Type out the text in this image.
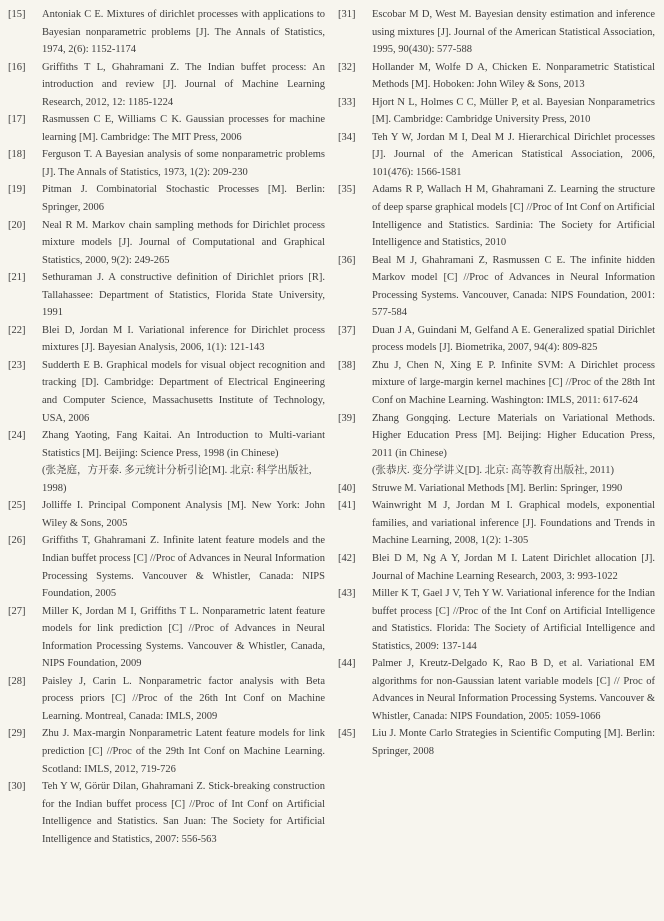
[15]	Antoniak C E. Mixtures of dirichlet processes with applications to Bayesian nonparametric problems [J]. The Annals of Statistics, 1974, 2(6): 1152-1174
[16]	Griffiths T L, Ghahramani Z. The Indian buffet process: An introduction and review [J]. Journal of Machine Learning Research, 2012, 12: 1185-1224
[17]	Rasmussen C E, Williams C K. Gaussian processes for machine learning [M]. Cambridge: The MIT Press, 2006
[18]	Ferguson T. A Bayesian analysis of some nonparametric problems [J]. The Annals of Statistics, 1973, 1(2): 209-230
[19]	Pitman J. Combinatorial Stochastic Processes [M]. Berlin: Springer, 2006
[20]	Neal R M. Markov chain sampling methods for Dirichlet process mixture models [J]. Journal of Computational and Graphical Statistics, 2000, 9(2): 249-265
[21]	Sethuraman J. A constructive definition of Dirichlet priors [R]. Tallahassee: Department of Statistics, Florida State University, 1991
[22]	Blei D, Jordan M I. Variational inference for Dirichlet process mixtures [J]. Bayesian Analysis, 2006, 1(1): 121-143
[23]	Sudderth E B. Graphical models for visual object recognition and tracking [D]. Cambridge: Department of Electrical Engineering and Computer Science, Massachusetts Institute of Technology, USA, 2006
[24]	Zhang Yaoting, Fang Kaitai. An Introduction to Multi-variant Statistics [M]. Beijing: Science Press, 1998 (in Chinese)
(张尧庭，方开泰. 多元统计分析引论[M]. 北京: 科学出版社, 1998)
[25]	Jolliffe I. Principal Component Analysis [M]. New York: John Wiley & Sons, 2005
[26]	Griffiths T, Ghahramani Z. Infinite latent feature models and the Indian buffet process [C] //Proc of Advances in Neural Information Processing Systems. Vancouver & Whistler, Canada: NIPS Foundation, 2005
[27]	Miller K, Jordan M I, Griffiths T L. Nonparametric latent feature models for link prediction [C] //Proc of Advances in Neural Information Processing Systems. Vancouver & Whistler, Canada, NIPS Foundation, 2009
[28]	Paisley J, Carin L. Nonparametric factor analysis with Beta process priors [C] //Proc of the 26th Int Conf on Machine Learning. Montreal, Canada: IMLS, 2009
[29]	Zhu J. Max-margin Nonparametric Latent feature models for link prediction [C] //Proc of the 29th Int Conf on Machine Learning. Scotland: IMLS, 2012, 719-726
[30]	Teh Y W, Görür Dilan, Ghahramani Z. Stick-breaking construction for the Indian buffet process [C] //Proc of Int Conf on Artificial Intelligence and Statistics. San Juan: The Society for Artificial Intelligence and Statistics, 2007: 556-563
[31]	Escobar M D, West M. Bayesian density estimation and inference using mixtures [J]. Journal of the American Statistical Association, 1995, 90(430): 577-588
[32]	Hollander M, Wolfe D A, Chicken E. Nonparametric Statistical Methods [M]. Hoboken: John Wiley & Sons, 2013
[33]	Hjort N L, Holmes C C, Müller P, et al. Bayesian Nonparametrics [M]. Cambridge: Cambridge University Press, 2010
[34]	Teh Y W, Jordan M I, Deal M J. Hierarchical Dirichlet processes [J]. Journal of the American Statistical Association, 2006, 101(476): 1566-1581
[35]	Adams R P, Wallach H M, Ghahramani Z. Learning the structure of deep sparse graphical models [C] //Proc of Int Conf on Artificial Intelligence and Statistics. Sardinia: The Society for Artificial Intelligence and Statistics, 2010
[36]	Beal M J, Ghahramani Z, Rasmussen C E. The infinite hidden Markov model [C] //Proc of Advances in Neural Information Processing Systems. Vancouver, Canada: NIPS Foundation, 2001: 577-584
[37]	Duan J A, Guindani M, Gelfand A E. Generalized spatial Dirichlet process models [J]. Biometrika, 2007, 94(4): 809-825
[38]	Zhu J, Chen N, Xing E P. Infinite SVM: A Dirichlet process mixture of large-margin kernel machines [C] //Proc of the 28th Int Conf on Machine Learning. Washington: IMLS, 2011: 617-624
[39]	Zhang Gongqing. Lecture Materials on Variational Methods. Higher Education Press [M]. Beijing: Higher Education Press, 2011 (in Chinese)
(张恭庆. 变分学讲义[D]. 北京: 高等教育出版社, 2011)
[40]	Struwe M. Variational Methods [M]. Berlin: Springer, 1990
[41]	Wainwright M J, Jordan M I. Graphical models, exponential families, and variational inference [J]. Foundations and Trends in Machine Learning, 2008, 1(2): 1-305
[42]	Blei D M, Ng A Y, Jordan M I. Latent Dirichlet allocation [J]. Journal of Machine Learning Research, 2003, 3: 993-1022
[43]	Miller K T, Gael J V, Teh Y W. Variational inference for the Indian buffet process [C] //Proc of the Int Conf on Artificial Intelligence and Statistics. Florida: The Society of Artificial Intelligence and Statistics, 2009: 137-144
[44]	Palmer J, Kreutz-Delgado K, Rao B D, et al. Variational EM algorithms for non-Gaussian latent variable models [C] // Proc of Advances in Neural Information Processing Systems. Vancouver & Whistler, Canada: NIPS Foundation, 2005: 1059-1066
[45]	Liu J. Monte Carlo Strategies in Scientific Computing [M]. Berlin: Springer, 2008
